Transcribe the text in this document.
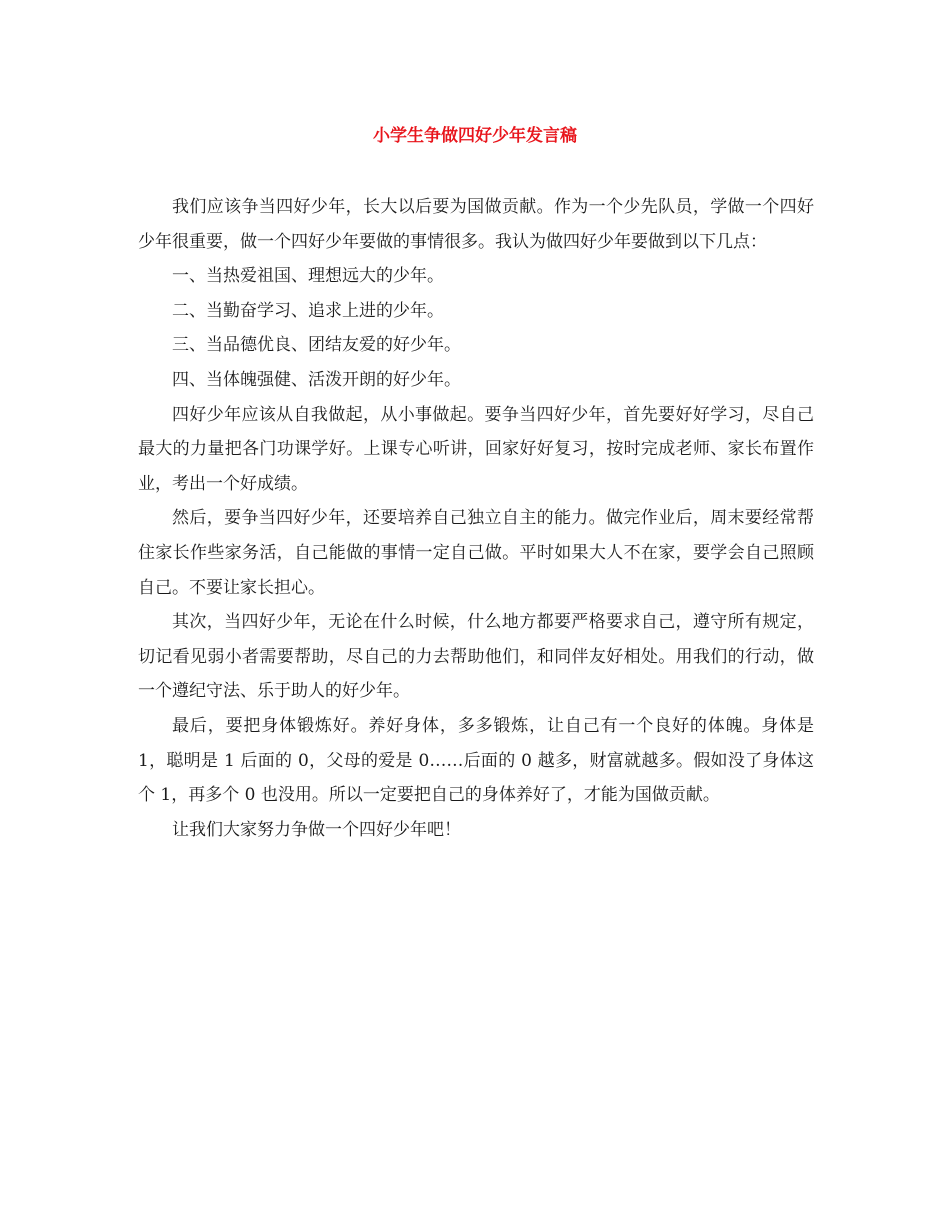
小学生争做四好少年发言稿

我们应该争当四好少年，长大以后要为国做贡献。作为一个少先队员，学做一个四好少年很重要，做一个四好少年要做的事情很多。我认为做四好少年要做到以下几点：

一、当热爱祖国、理想远大的少年。

二、当勤奋学习、追求上进的少年。

三、当品德优良、团结友爱的好少年。

四、当体魄强健、活泼开朗的好少年。

四好少年应该从自我做起，从小事做起。要争当四好少年，首先要好好学习，尽自己最大的力量把各门功课学好。上课专心听讲，回家好好复习，按时完成老师、家长布置作业，考出一个好成绩。

然后，要争当四好少年，还要培养自己独立自主的能力。做完作业后，周末要经常帮住家长作些家务活，自己能做的事情一定自己做。平时如果大人不在家，要学会自己照顾自己。不要让家长担心。

其次，当四好少年，无论在什么时候，什么地方都要严格要求自己，遵守所有规定，切记看见弱小者需要帮助，尽自己的力去帮助他们，和同伴友好相处。用我们的行动，做一个遵纪守法、乐于助人的好少年。

最后，要把身体锻炼好。养好身体，多多锻炼，让自己有一个良好的体魄。身体是 1，聪明是 1 后面的 0，父母的爱是 0……后面的 0 越多，财富就越多。假如没了身体这个 1，再多个 0 也没用。所以一定要把自己的身体养好了，才能为国做贡献。

让我们大家努力争做一个四好少年吧！
